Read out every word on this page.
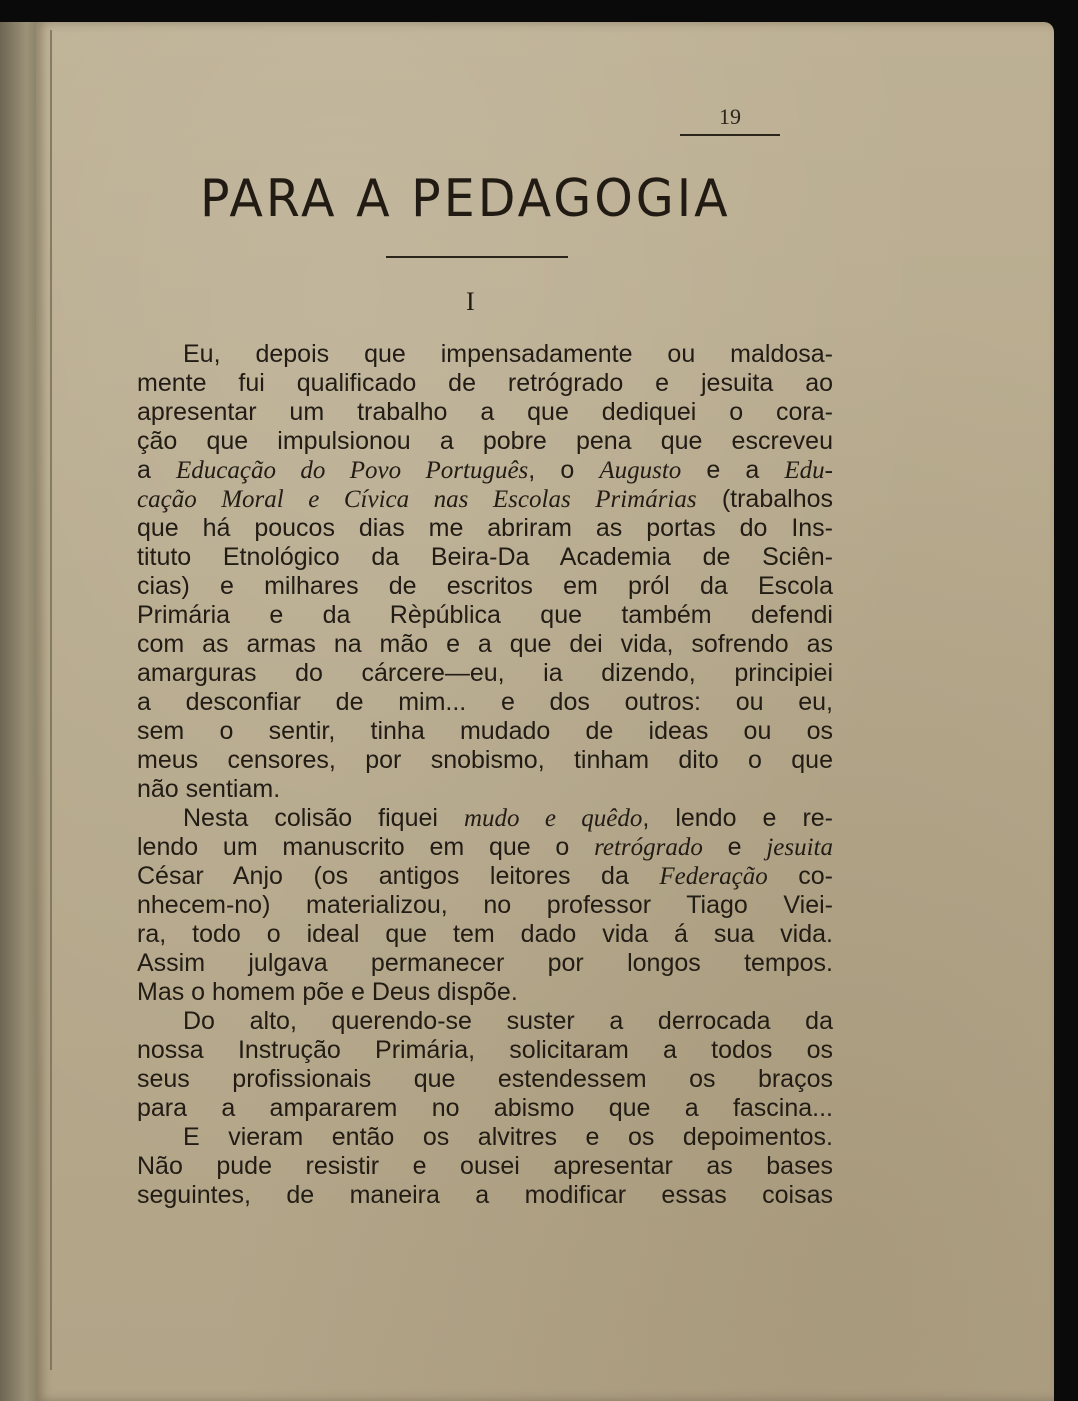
19
PARA A PEDAGOGIA
I

Eu, depois que impensadamente ou maldosa-

mente fui qualificado de retrógrado e jesuita ao

apresentar um trabalho a que dediquei o cora-

ção que impulsionou a pobre pena que escreveu

a Educação do Povo Português, o Augusto e a Edu-

cação Moral e Cívica nas Escolas Primárias (trabalhos

que há poucos dias me abriram as portas do Ins-

tituto Etnológico da Beira-Da Academia de Sciên-

cias) e milhares de escritos em pról da Escola

Primária e da Rèpública que também defendi

com as armas na mão e a que dei vida, sofrendo as

amarguras do cárcere—eu, ia dizendo, principiei

a desconfiar de mim... e dos outros: ou eu,

sem o sentir, tinha mudado de ideas ou os

meus censores, por snobismo, tinham dito o que

não sentiam.

Nesta colisão fiquei mudo e quêdo, lendo e re-

lendo um manuscrito em que o retrógrado e jesuita

César Anjo (os antigos leitores da Federação co-

nhecem-no) materializou, no professor Tiago Viei-

ra, todo o ideal que tem dado vida á sua vida.

Assim julgava permanecer por longos tempos.

Mas o homem põe e Deus dispõe.

Do alto, querendo-se suster a derrocada da

nossa Instrução Primária, solicitaram a todos os

seus profissionais que estendessem os braços

para a ampararem no abismo que a fascina...

E vieram então os alvitres e os depoimentos.

Não pude resistir e ousei apresentar as bases

seguintes, de maneira a modificar essas coisas
